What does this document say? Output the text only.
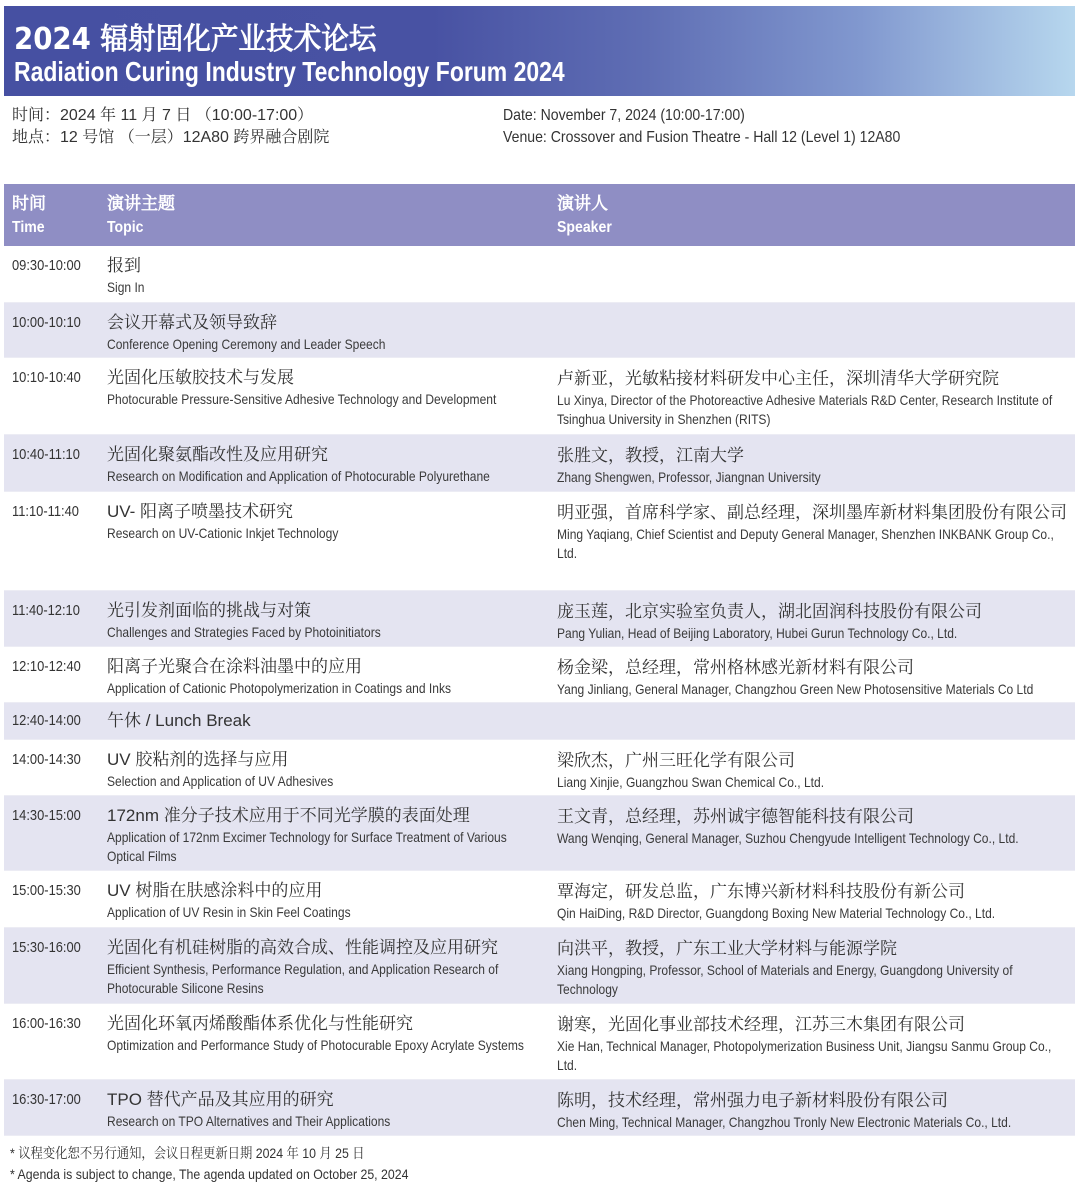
2024 辐射固化产业技术论坛
Radiation Curing Industry Technology Forum 2024
时间：2024 年 11 月 7 日 （10:00-17:00）
地点：12 号馆 （一层）12A80 跨界融合剧院
Date: November 7, 2024 (10:00-17:00)
Venue: Crossover and Fusion Theatre - Hall 12 (Level 1) 12A80
时间
Time
演讲主题
Topic
演讲人
Speaker
09:30-10:00 报到
Sign In
10:00-10:10 会议开幕式及领导致辞
Conference Opening Ceremony and Leader Speech
10:10-10:40 光固化压敏胶技术与发展
Photocurable Pressure-Sensitive Adhesive Technology and Development
卢新亚，光敏粘接材料研发中心主任，深圳清华大学研究院
Lu Xinya, Director of the Photoreactive Adhesive Materials R&D Center, Research Institute of Tsinghua University in Shenzhen (RITS)
10:40-11:10 光固化聚氨酯改性及应用研究
Research on Modification and Application of Photocurable Polyurethane
张胜文，教授，江南大学
Zhang Shengwen, Professor, Jiangnan University
11:10-11:40 UV- 阳离子喷墨技术研究
Research on UV-Cationic Inkjet Technology
明亚强，首席科学家、副总经理，深圳墨库新材料集团股份有限公司
Ming Yaqiang, Chief Scientist and Deputy General Manager, Shenzhen INKBANK Group Co., Ltd.
11:40-12:10 光引发剂面临的挑战与对策
Challenges and Strategies Faced by Photoinitiators
庞玉莲，北京实验室负责人，湖北固润科技股份有限公司
Pang Yulian, Head of Beijing Laboratory, Hubei Gurun Technology Co., Ltd.
12:10-12:40 阳离子光聚合在涂料油墨中的应用
Application of Cationic Photopolymerization in Coatings and Inks
杨金梁，总经理，常州格林感光新材料有限公司
Yang Jinliang, General Manager, Changzhou Green New Photosensitive Materials Co Ltd
12:40-14:00 午休 / Lunch Break
14:00-14:30 UV 胶粘剂的选择与应用
Selection and Application of UV Adhesives
梁欣杰，广州三旺化学有限公司
Liang Xinjie, Guangzhou Swan Chemical Co., Ltd.
14:30-15:00 172nm 准分子技术应用于不同光学膜的表面处理
Application of 172nm Excimer Technology for Surface Treatment of Various Optical Films
王文青，总经理，苏州诚宇德智能科技有限公司
Wang Wenqing, General Manager, Suzhou Chengyude Intelligent Technology Co., Ltd.
15:00-15:30 UV 树脂在肤感涂料中的应用
Application of UV Resin in Skin Feel Coatings
覃海定，研发总监，广东博兴新材料科技股份有新公司
Qin HaiDing, R&D Director, Guangdong Boxing New Material Technology Co., Ltd.
15:30-16:00 光固化有机硅树脂的高效合成、性能调控及应用研究
Efficient Synthesis, Performance Regulation, and Application Research of Photocurable Silicone Resins
向洪平，教授，广东工业大学材料与能源学院
Xiang Hongping, Professor, School of Materials and Energy, Guangdong University of Technology
16:00-16:30 光固化环氧丙烯酸酯体系优化与性能研究
Optimization and Performance Study of Photocurable Epoxy Acrylate Systems
谢寒，光固化事业部技术经理，江苏三木集团有限公司
Xie Han, Technical Manager, Photopolymerization Business Unit, Jiangsu Sanmu Group Co., Ltd.
16:30-17:00 TPO 替代产品及其应用的研究
Research on TPO Alternatives and Their Applications
陈明，技术经理，常州强力电子新材料股份有限公司
Chen Ming, Technical Manager, Changzhou Tronly New Electronic Materials Co., Ltd.
* 议程变化恕不另行通知，会议日程更新日期 2024 年 10 月 25 日
* Agenda is subject to change, The agenda updated on October 25, 2024
